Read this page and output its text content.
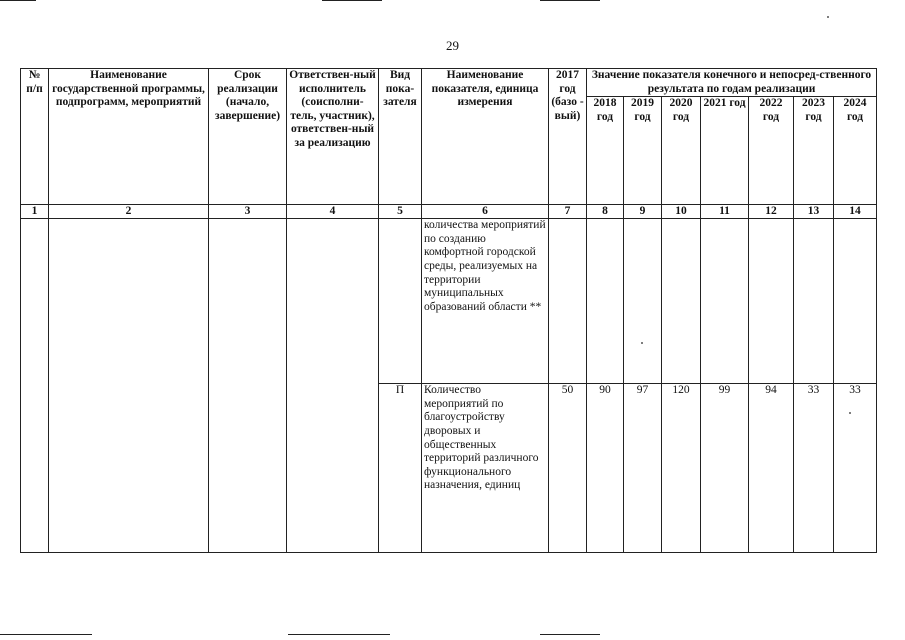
29
№ п/п	Наименование государственной программы, подпрограмм, мероприятий	Срок реализации (начало, завершение)	Ответствен-ный исполнитель (соисполни-тель, участник), ответствен-ный за реализацию	Вид пока-зателя	Наименование показателя, единица измерения	2017 год (базо - вый)	Значение показателя конечного и непосред-ственного результата по годам реализации						
							2018 год	2019 год	2020 год	2021 год	2022 год	2023 год	2024 год
1	2	3	4	5	6	7	8	9	10	11	12	13	14
					количества мероприятий по созданию комфортной городской среды, реализуемых на территории муниципальных образований области **								
				П	Количество мероприятий по благоустройству дворовых и общественных территорий различного функционального назначения, единиц	50	90	97	120	99	94	33	33
